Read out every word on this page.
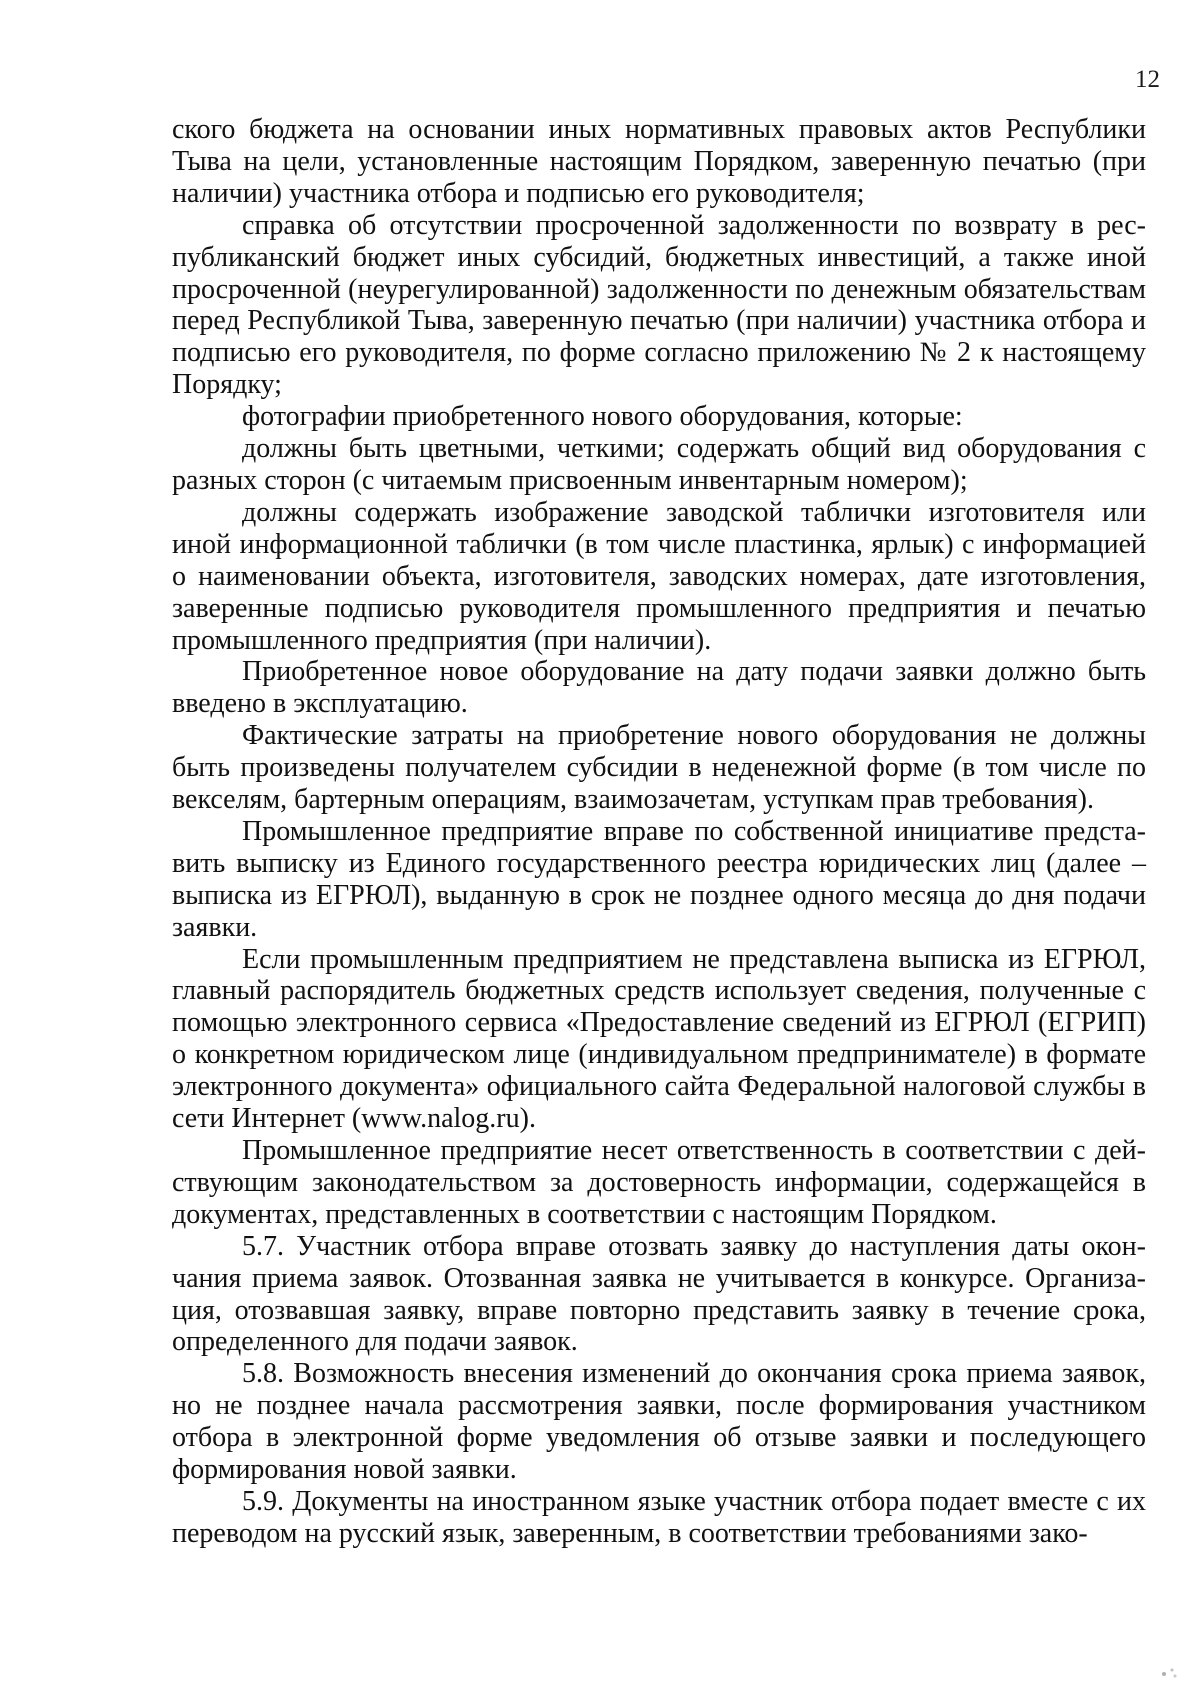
12

ского бюджета на основании иных нормативных правовых актов Республики Тыва на цели, установленные настоящим Порядком, заверенную печатью (при наличии) участника отбора и подписью его руководителя;

справка об отсутствии просроченной задолженности по возврату в республиканский бюджет иных субсидий, бюджетных инвестиций, а также иной просроченной (неурегулированной) задолженности по денежным обязательствам перед Республикой Тыва, заверенную печатью (при наличии) участника отбора и подписью его руководителя, по форме согласно приложению № 2 к настоящему Порядку;

фотографии приобретенного нового оборудования, которые:

должны быть цветными, четкими; содержать общий вид оборудования с разных сторон (с читаемым присвоенным инвентарным номером);

должны содержать изображение заводской таблички изготовителя или иной информационной таблички (в том числе пластинка, ярлык) с информацией о наименовании объекта, изготовителя, заводских номерах, дате изготовления, заверенные подписью руководителя промышленного предприятия и печатью промышленного предприятия (при наличии).

Приобретенное новое оборудование на дату подачи заявки должно быть введено в эксплуатацию.

Фактические затраты на приобретение нового оборудования не должны быть произведены получателем субсидии в неденежной форме (в том числе по векселям, бартерным операциям, взаимозачетам, уступкам прав требования).

Промышленное предприятие вправе по собственной инициативе представить выписку из Единого государственного реестра юридических лиц (далее – выписка из ЕГРЮЛ), выданную в срок не позднее одного месяца до дня подачи заявки.

Если промышленным предприятием не представлена выписка из ЕГРЮЛ, главный распорядитель бюджетных средств использует сведения, полученные с помощью электронного сервиса «Предоставление сведений из ЕГРЮЛ (ЕГРИП) о конкретном юридическом лице (индивидуальном предпринимателе) в формате электронного документа» официального сайта Федеральной налоговой службы в сети Интернет (www.nalog.ru).

Промышленное предприятие несет ответственность в соответствии с действующим законодательством за достоверность информации, содержащейся в документах, представленных в соответствии с настоящим Порядком.

5.7. Участник отбора вправе отозвать заявку до наступления даты окончания приема заявок. Отозванная заявка не учитывается в конкурсе. Организация, отозвавшая заявку, вправе повторно представить заявку в течение срока, определенного для подачи заявок.

5.8. Возможность внесения изменений до окончания срока приема заявок, но не позднее начала рассмотрения заявки, после формирования участником отбора в электронной форме уведомления об отзыве заявки и последующего формирования новой заявки.

5.9. Документы на иностранном языке участник отбора подает вместе с их переводом на русский язык, заверенным, в соответствии требованиями зако-
